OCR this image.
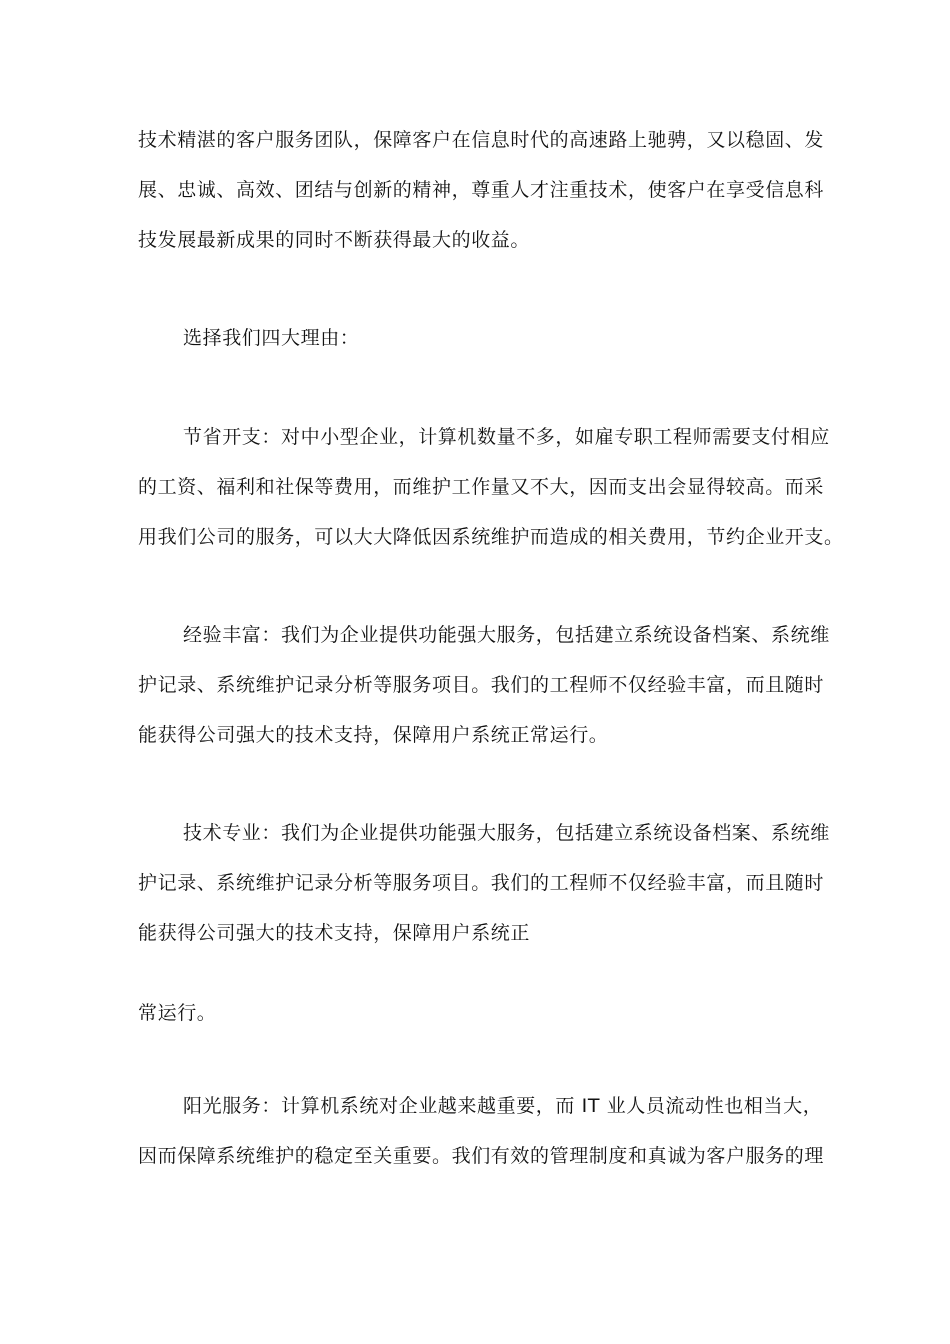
技术精湛的客户服务团队，保障客户在信息时代的高速路上驰骋，又以稳固、发
展、忠诚、高效、团结与创新的精神，尊重人才注重技术，使客户在享受信息科
技发展最新成果的同时不断获得最大的收益。
选择我们四大理由：
节省开支：对中小型企业，计算机数量不多，如雇专职工程师需要支付相应
的工资、福利和社保等费用，而维护工作量又不大，因而支出会显得较高。而采
用我们公司的服务，可以大大降低因系统维护而造成的相关费用，节约企业开支。
经验丰富：我们为企业提供功能强大服务，包括建立系统设备档案、系统维
护记录、系统维护记录分析等服务项目。我们的工程师不仅经验丰富，而且随时
能获得公司强大的技术支持，保障用户系统正常运行。
技术专业：我们为企业提供功能强大服务，包括建立系统设备档案、系统维
护记录、系统维护记录分析等服务项目。我们的工程师不仅经验丰富，而且随时
能获得公司强大的技术支持，保障用户系统正
常运行。
阳光服务：计算机系统对企业越来越重要，而 IT 业人员流动性也相当大，
因而保障系统维护的稳定至关重要。我们有效的管理制度和真诚为客户服务的理
